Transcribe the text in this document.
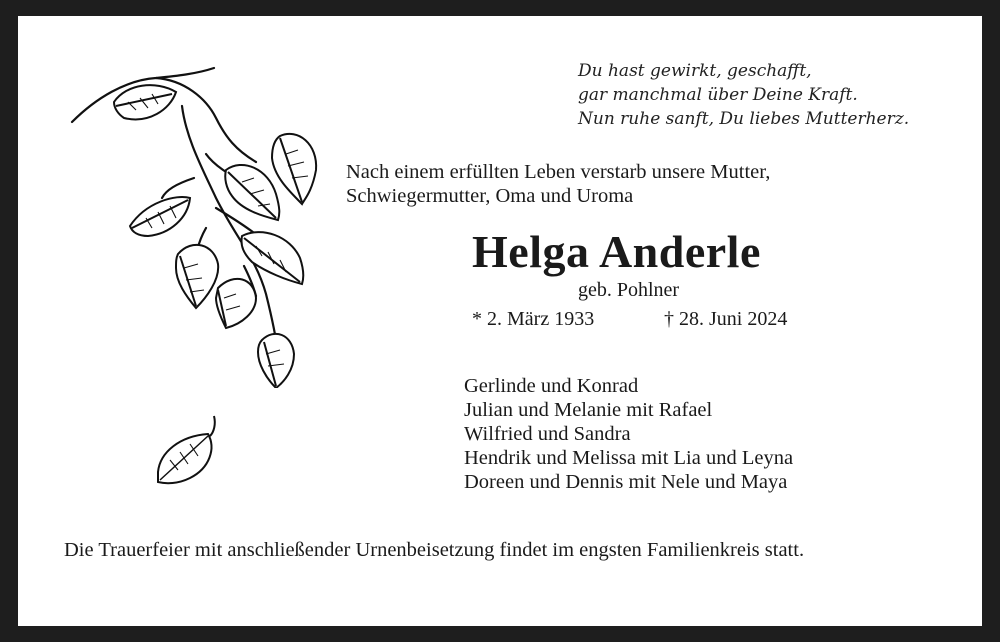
Du hast gewirkt, geschafft,
gar manchmal über Deine Kraft.
Nun ruhe sanft, Du liebes Mutterherz.
Nach einem erfüllten Leben verstarb unsere Mutter,
Schwiegermutter, Oma und Uroma
Helga Anderle
geb. Pohlner
* 2. März 1933	† 28. Juni 2024
Gerlinde und Konrad
Julian und Melanie mit Rafael
Wilfried und Sandra
Hendrik und Melissa mit Lia und Leyna
Doreen und Dennis mit Nele und Maya
Die Trauerfeier mit anschließender Urnenbeisetzung findet im engsten Familienkreis statt.
